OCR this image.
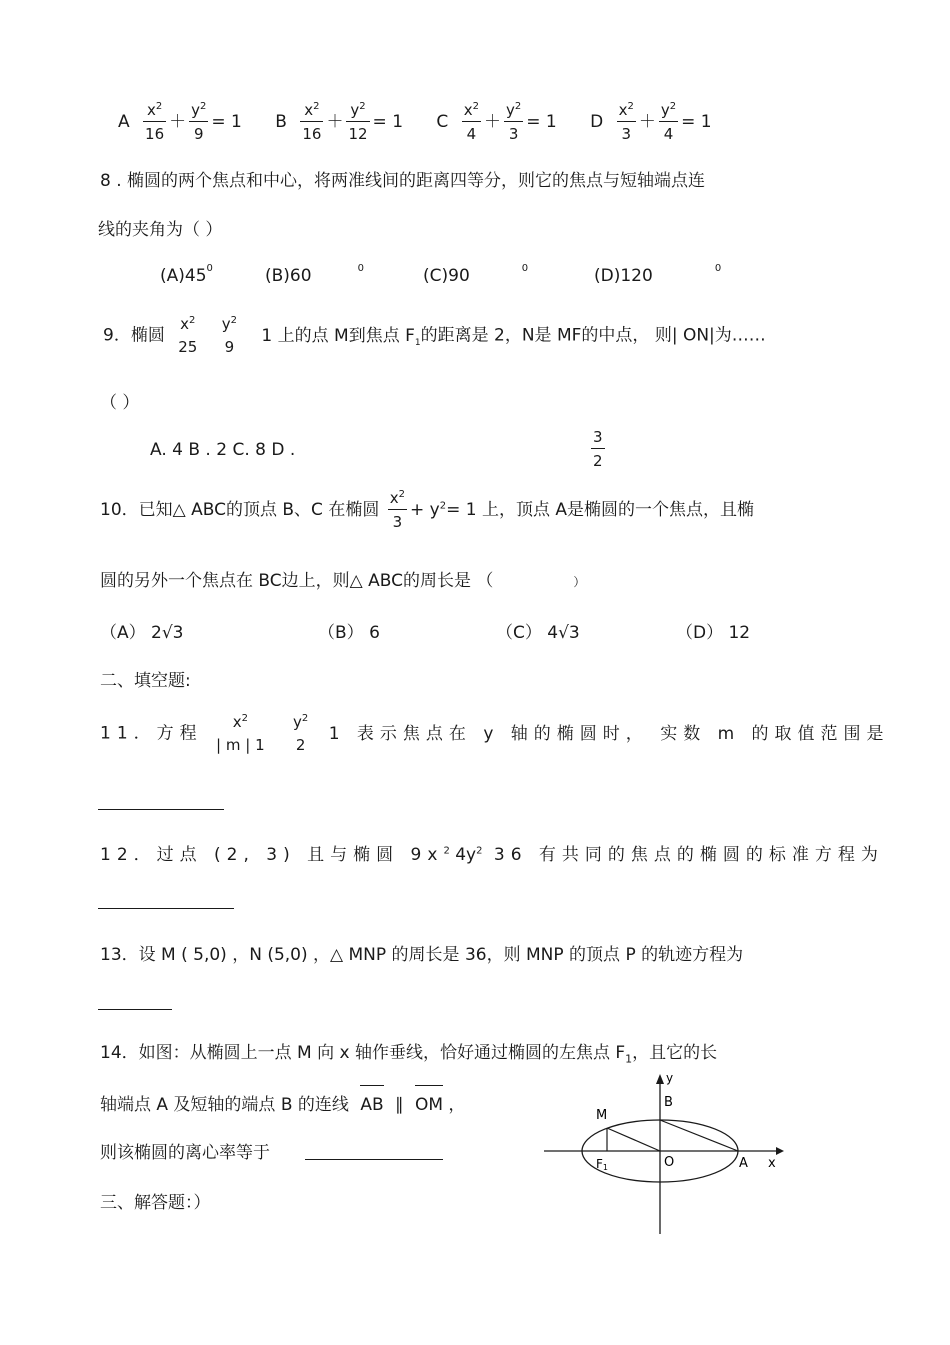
A $\frac{x^2}{16} + \frac{y^2}{9} = 1$ B $\frac{x^2}{16} + \frac{y^2}{12} = 1$ C $\frac{x^2}{4} + \frac{y^2}{3} = 1$ D $\frac{x^2}{3} + \frac{y^2}{4} = 1$
8 . 椭圆的两个焦点和中心，将两准线间的距离四等分，则它的焦点与短轴端点连
线的夹角为（ ）
$(A)45^0$	(B)60	$^0$	(C)90	$^0$	(D)120	$^0$
9．椭圆
$x^2$
25

$y^2$
9
1 上的点 M到焦点 $F_1$的距离是 2，N是 MF的中点， 则| ON|为……
（ ）
A. 4 B . 2 C. 8 D .	$\frac{3}{2}$
10．已知△ ABC的顶点 B、C 在椭圆 $\frac{x^2}{3} + y^2= 1$ 上，顶点 A是椭圆的一个焦点，且椭
圆的另外一个焦点在 BC边上，则△ ABC的周长是 （	）
（A） 2√3	（B） 6	（C） 4√3	（D） 12
二、填空题:
11．方程
$x^2$
| m | 1

$y^2$
2
1 表示焦点在 y 轴的椭圆时， 实数 m 的取值范围是
12．过点 (2, 3) 且与椭圆 $9x^2$ $4y^2$ 36 有共同的焦点的椭圆的标准方程为
13．设 M ( 5,0) ，N (5,0) ，△ MNP 的周长是 36，则 MNP 的顶点 P 的轨迹方程为
14．如图：从椭圆上一点 M 向 x 轴作垂线，恰好通过椭圆的左焦点 $F_1$，且它的长
轴端点 A 及短轴的端点 B 的连线 AB ∥ OM ，
则该椭圆的离心率等于
y
B
M
F1	O	A x
三、解答题：）
